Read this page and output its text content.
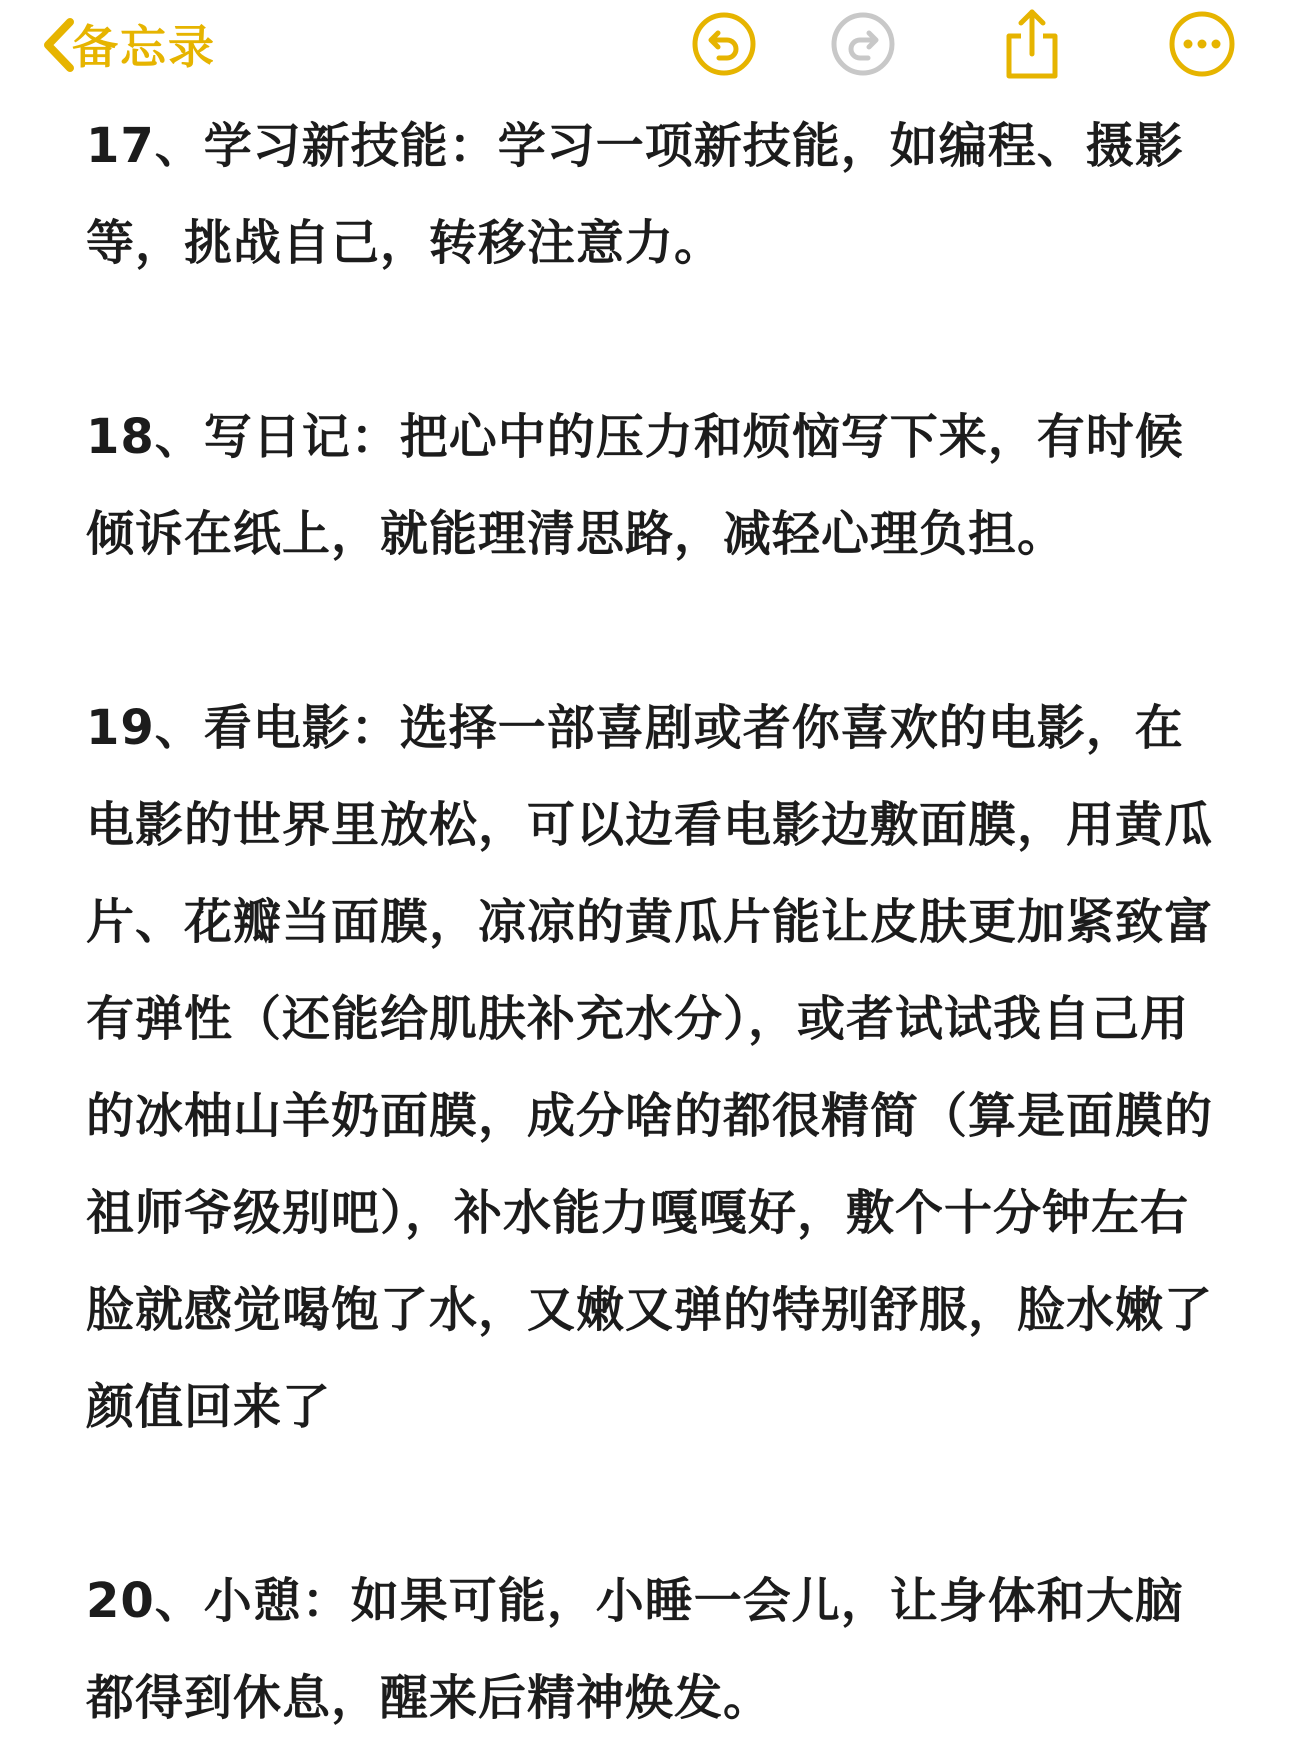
备忘录

17、学习新技能：学习一项新技能，如编程、摄影等，挑战自己，转移注意力。

18、写日记：把心中的压力和烦恼写下来，有时候倾诉在纸上，就能理清思路，减轻心理负担。

19、看电影：选择一部喜剧或者你喜欢的电影，在电影的世界里放松，可以边看电影边敷面膜，用黄瓜片、花瓣当面膜，凉凉的黄瓜片能让皮肤更加紧致富有弹性（还能给肌肤补充水分），或者试试我自己用的冰柚山羊奶面膜，成分啥的都很精简（算是面膜的祖师爷级别吧），补水能力嘎嘎好，敷个十分钟左右脸就感觉喝饱了水，又嫩又弹的特别舒服，脸水嫩了颜值回来了

20、小憩：如果可能，小睡一会儿，让身体和大脑都得到休息，醒来后精神焕发。
